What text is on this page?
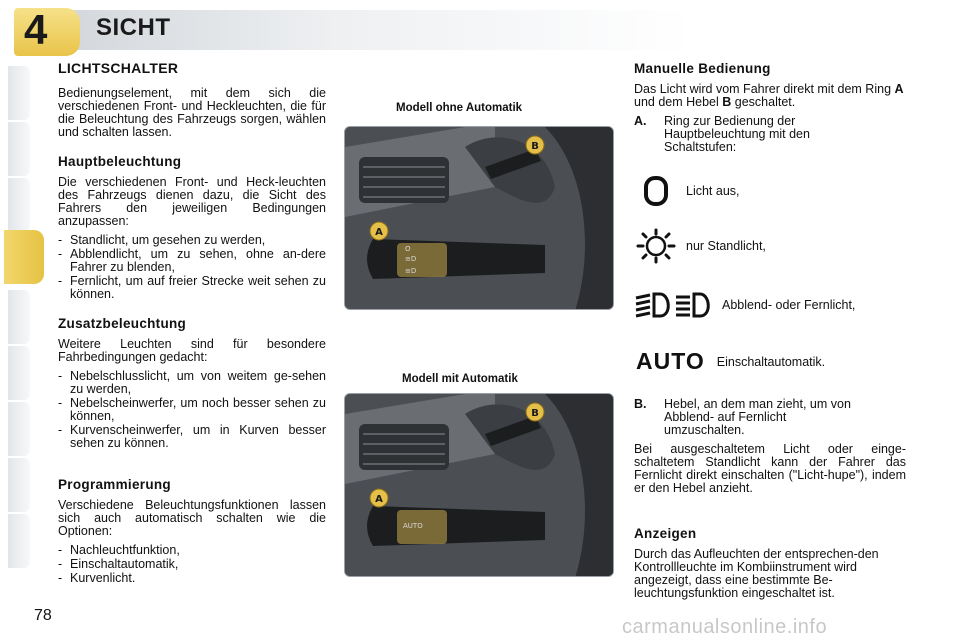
4 SICHT
LICHTSCHALTER
Bedienungselement, mit dem sich die verschiedenen Front- und Heckleuchten, die für die Beleuchtung des Fahrzeugs sorgen, wählen und schalten lassen.
Hauptbeleuchtung
Die verschiedenen Front- und Heck-leuchten des Fahrzeugs dienen dazu, die Sicht des Fahrers den jeweiligen Bedingungen anzupassen:
- Standlicht, um gesehen zu werden,
- Abblendlicht, um zu sehen, ohne an-dere Fahrer zu blenden,
- Fernlicht, um auf freier Strecke weit sehen zu können.
Zusatzbeleuchtung
Weitere Leuchten sind für besondere Fahrbedingungen gedacht:
- Nebelschlusslicht, um von weitem ge-sehen zu werden,
- Nebelscheinwerfer, um noch besser sehen zu können,
- Kurvenscheinwerfer, um in Kurven besser sehen zu können.
Programmierung
Verschiedene Beleuchtungsfunktionen lassen sich auch automatisch schalten wie die Optionen:
- Nachleuchtfunktion,
- Einschaltautomatik,
- Kurvenlicht.
Modell ohne Automatik
O
≡D
≡D
A
B
Modell mit Automatik
AUTO
A
B
Manuelle Bedienung
Das Licht wird vom Fahrer direkt mit dem Ring A und dem Hebel B geschaltet.
A.	Ring zur Bedienung der Hauptbeleuchtung mit den Schaltstufen:
Licht aus,
nur Standlicht,
Abblend- oder Fernlicht,
AUTO Einschaltautomatik.
B.	Hebel, an dem man zieht, um von Abblend- auf Fernlicht umzuschalten.
Bei ausgeschaltetem Licht oder einge-schaltetem Standlicht kann der Fahrer das Fernlicht direkt einschalten ("Licht-hupe"), indem er den Hebel anzieht.
Anzeigen
Durch das Aufleuchten der entsprechen-den Kontrollleuchte im Kombiinstrument wird angezeigt, dass eine bestimmte Be-leuchtungsfunktion eingeschaltet ist.
78
carmanualsonline.info
